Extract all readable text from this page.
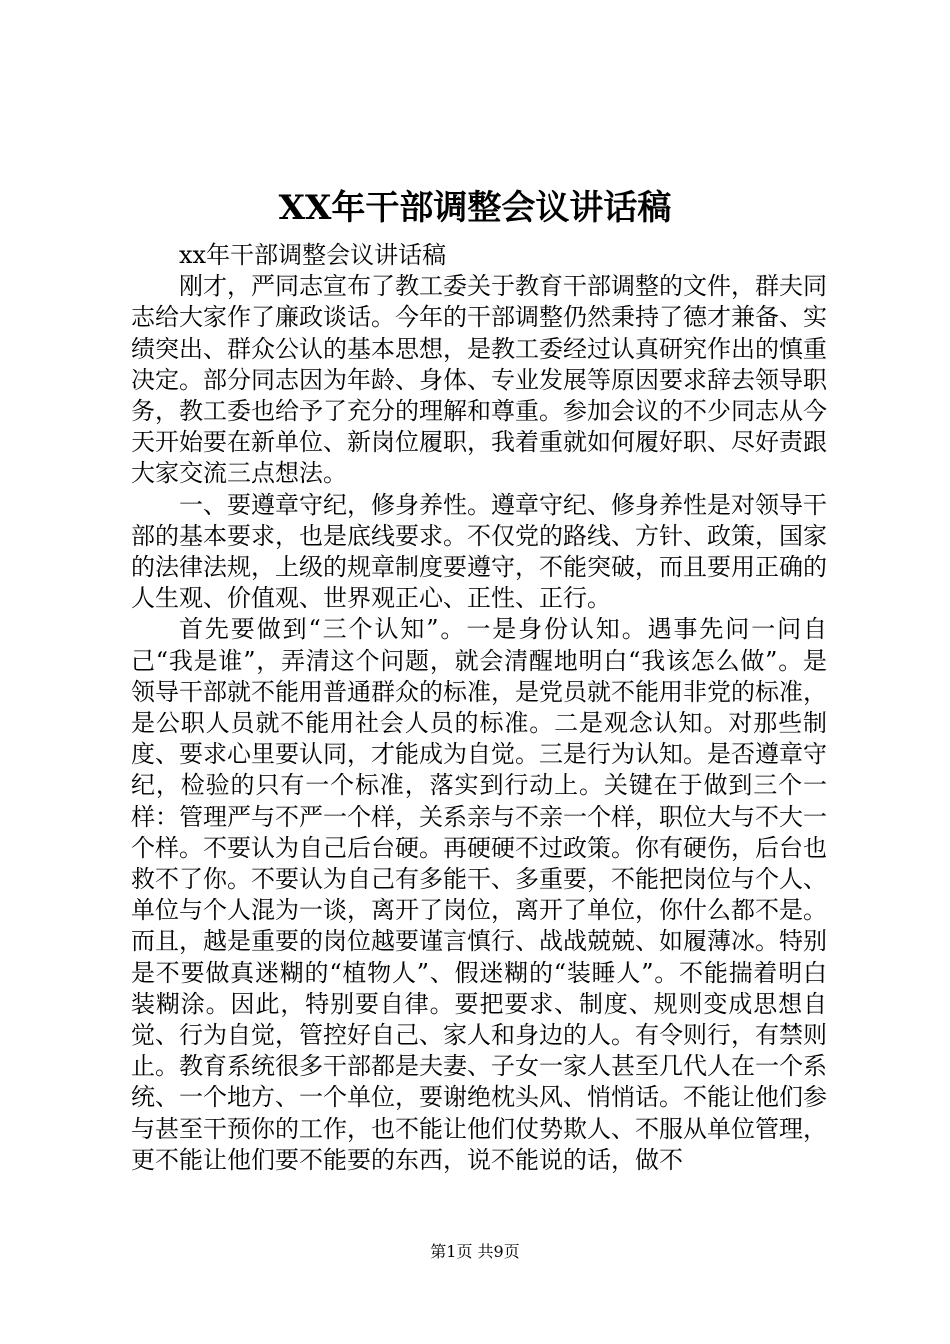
XX年干部调整会议讲话稿

xx年干部调整会议讲话稿

刚才，严同志宣布了教工委关于教育干部调整的文件，群夫同志给大家作了廉政谈话。今年的干部调整仍然秉持了德才兼备、实绩突出、群众公认的基本思想，是教工委经过认真研究作出的慎重决定。部分同志因为年龄、身体、专业发展等原因要求辞去领导职务，教工委也给予了充分的理解和尊重。参加会议的不少同志从今天开始要在新单位、新岗位履职，我着重就如何履好职、尽好责跟大家交流三点想法。

一、要遵章守纪，修身养性。遵章守纪、修身养性是对领导干部的基本要求，也是底线要求。不仅党的路线、方针、政策，国家的法律法规，上级的规章制度要遵守，不能突破，而且要用正确的人生观、价值观、世界观正心、正性、正行。

首先要做到“三个认知”。一是身份认知。遇事先问一问自己“我是谁”，弄清这个问题，就会清醒地明白“我该怎么做”。是领导干部就不能用普通群众的标准，是党员就不能用非党的标准，是公职人员就不能用社会人员的标准。二是观念认知。对那些制度、要求心里要认同，才能成为自觉。三是行为认知。是否遵章守纪，检验的只有一个标准，落实到行动上。关键在于做到三个一样：管理严与不严一个样，关系亲与不亲一个样，职位大与不大一个样。不要认为自己后台硬。再硬硬不过政策。你有硬伤，后台也救不了你。不要认为自己有多能干、多重要，不能把岗位与个人、单位与个人混为一谈，离开了岗位，离开了单位，你什么都不是。而且，越是重要的岗位越要谨言慎行、战战兢兢、如履薄冰。特别是不要做真迷糊的“植物人”、假迷糊的“装睡人”。不能揣着明白装糊涂。因此，特别要自律。要把要求、制度、规则变成思想自觉、行为自觉，管控好自己、家人和身边的人。有令则行，有禁则止。教育系统很多干部都是夫妻、子女一家人甚至几代人在一个系统、一个地方、一个单位，要谢绝枕头风、悄悄话。不能让他们参与甚至干预你的工作，也不能让他们仗势欺人、不服从单位管理，更不能让他们要不能要的东西，说不能说的话，做不

第1页 共9页
